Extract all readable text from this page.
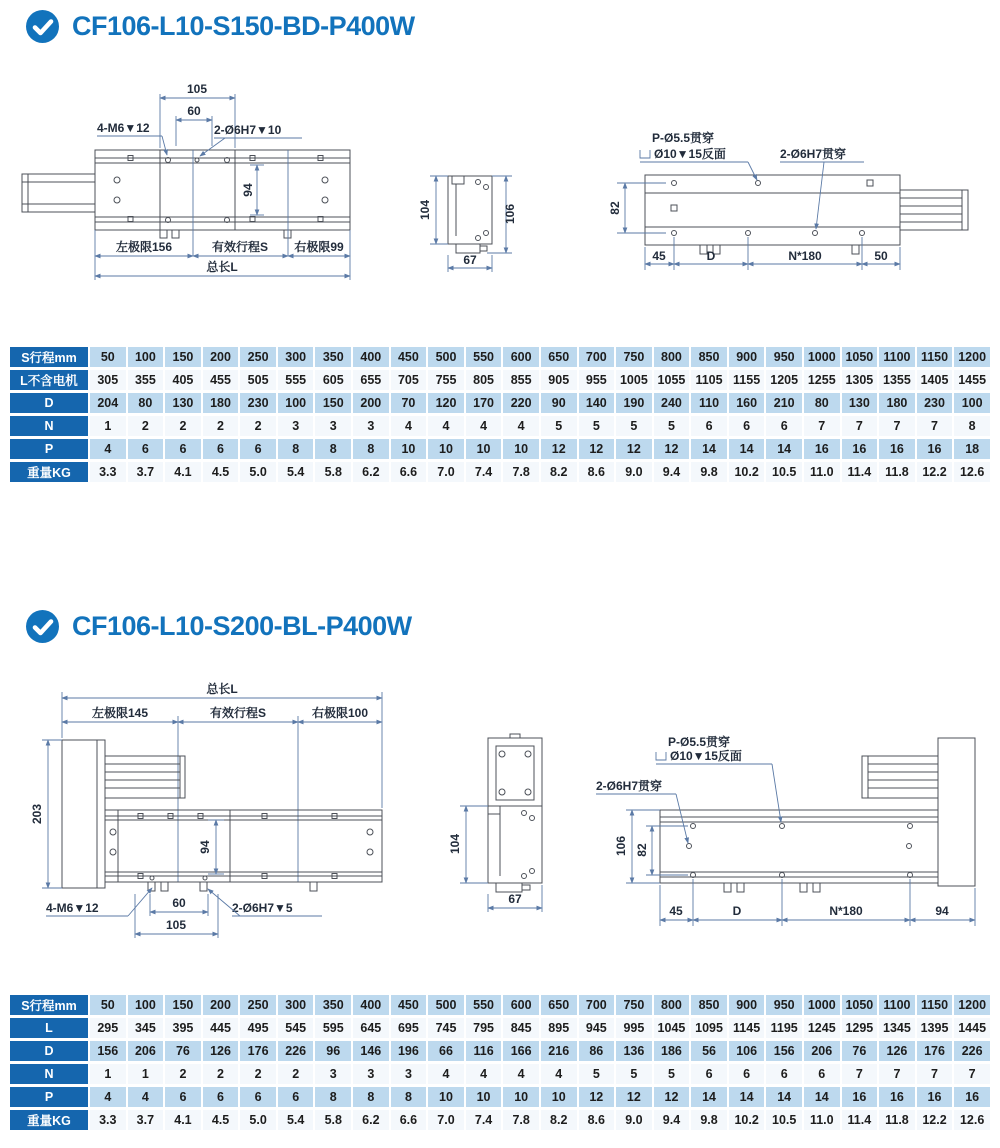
CF106-L10-S150-BD-P400W
105
60
4-M6▼12	2-Ø6H7▼10
94
左极限156	有效行程S 右极限99
总长L
104	106
67
P-Ø5.5贯穿
Ø10▼15反面	2-Ø6H7贯穿
82
45	D	N*180	50
S行程mm	50	100	150	200	250	300	350	400	450	500	550	600	650	700	750	800	850	900	950	1000	1050	1100	1150	1200
L不含电机	305	355	405	455	505	555	605	655	705	755	805	855	905	955	1005	1055	1105	1155	1205	1255	1305	1355	1405	1455
D	204	80	130	180	230	100	150	200	70	120	170	220	90	140	190	240	110	160	210	80	130	180	230	100
N	1	2	2	2	2	3	3	3	4	4	4	4	5	5	5	5	6	6	6	7	7	7	7	8
P	4	6	6	6	6	8	8	8	10	10	10	10	12	12	12	12	14	14	14	16	16	16	16	18
重量KG	3.3	3.7	4.1	4.5	5.0	5.4	5.8	6.2	6.6	7.0	7.4	7.8	8.2	8.6	9.0	9.4	9.8	10.2	10.5	11.0	11.4	11.8	12.2	12.6
CF106-L10-S200-BL-P400W
总长L
左极限145	有效行程S	右极限100
203
94
60
105
4-M6▼12	2-Ø6H7▼5
104
67
P-Ø5.5贯穿
Ø10▼15反面
2-Ø6H7贯穿
106 82
45	D	N*180	94
S行程mm	50	100	150	200	250	300	350	400	450	500	550	600	650	700	750	800	850	900	950	1000	1050	1100	1150	1200
L	295	345	395	445	495	545	595	645	695	745	795	845	895	945	995	1045	1095	1145	1195	1245	1295	1345	1395	1445
D	156	206	76	126	176	226	96	146	196	66	116	166	216	86	136	186	56	106	156	206	76	126	176	226
N	1	1	2	2	2	2	3	3	3	4	4	4	4	5	5	5	6	6	6	6	7	7	7	7
P	4	4	6	6	6	6	8	8	8	10	10	10	10	12	12	12	14	14	14	14	16	16	16	16
重量KG	3.3	3.7	4.1	4.5	5.0	5.4	5.8	6.2	6.6	7.0	7.4	7.8	8.2	8.6	9.0	9.4	9.8	10.2	10.5	11.0	11.4	11.8	12.2	12.6
